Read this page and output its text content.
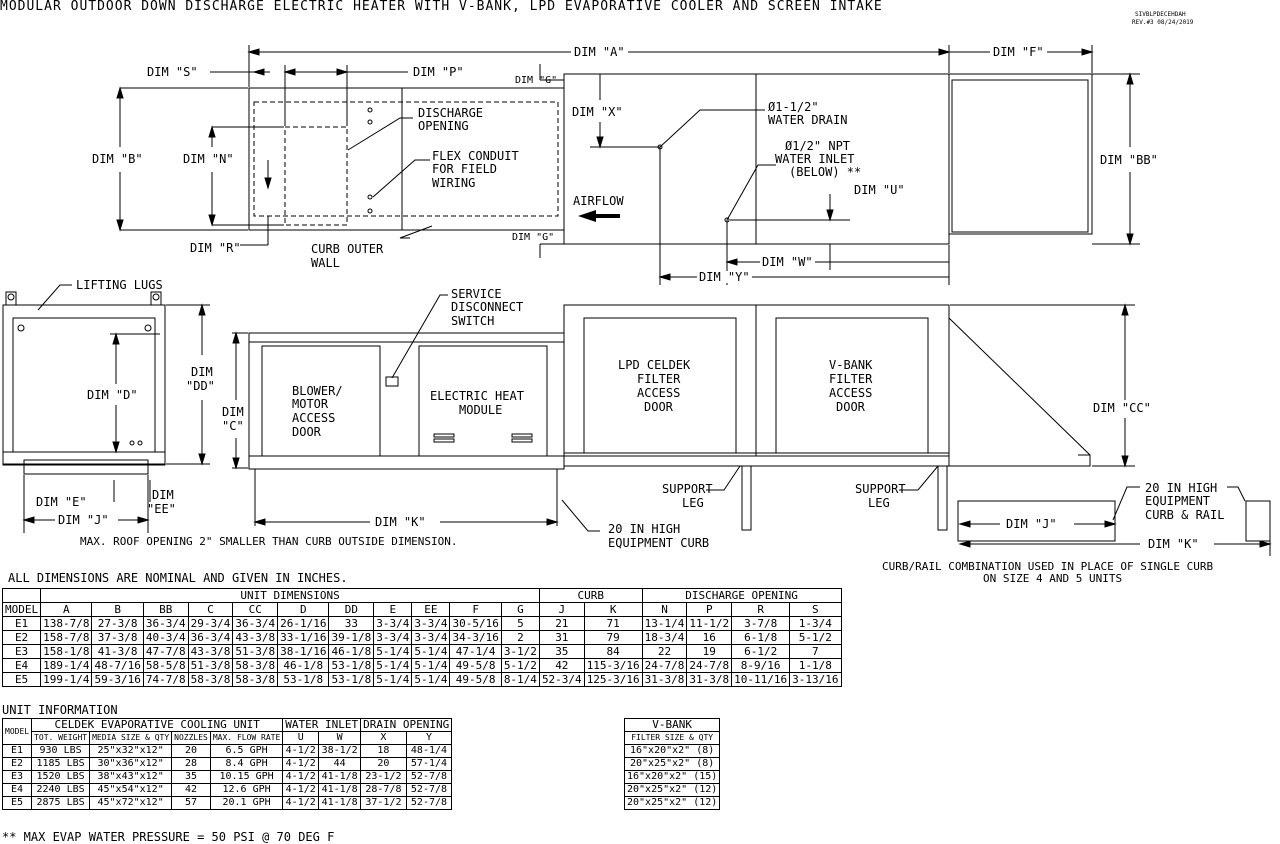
MODULAR OUTDOOR DOWN DISCHARGE ELECTRIC HEATER WITH V-BANK, LPD EVAPORATIVE COOLER AND SCREEN INTAKE
SIVBLPDECEHDAH
REV.#3 08/24/2019
DIM "A"	DIM "F"
DIM "S"	DIM "P"
DIM "G"
DIM "X"
DIM "B"	DIM "N"	DIM "BB"
DIM "R"
DIM "G"
DIM "U"
DIM "W"
DIM "Y"
DISCHARGE
OPENING
FLEX CONDUIT
FOR FIELD
WIRING
CURB OUTER
WALL
Ø1-1/2"
WATER DRAIN
Ø1/2" NPT
WATER INLET
(BELOW) **
AIRFLOW
LIFTING LUGS
DIM "D"
DIM
"DD"
DIM
"C"
DIM "E"	DIM
"EE"
DIM "J"	DIM "K"
DIM "CC"
SERVICE
DISCONNECT
SWITCH
BLOWER/
MOTOR
ACCESS
DOOR
ELECTRIC HEAT
MODULE
LPD CELDEK
FILTER
ACCESS
DOOR
V-BANK
FILTER
ACCESS
DOOR
SUPPORT
LEG
SUPPORT
LEG
MAX. ROOF OPENING 2" SMALLER THAN CURB OUTSIDE DIMENSION.
20 IN HIGH
EQUIPMENT CURB
20 IN HIGH
EQUIPMENT
CURB & RAIL
DIM "J"
DIM "K"
CURB/RAIL COMBINATION USED IN PLACE OF SINGLE CURB
ON SIZE 4 AND 5 UNITS
ALL DIMENSIONS ARE NOMINAL AND GIVEN IN INCHES.
	UNIT DIMENSIONS											CURB		DISCHARGE OPENING			
MODEL	A	B	BB	C	CC	D	DD	E	EE	F	G	J	K	N	P	R	S
E1	138-7/8	27-3/8	36-3/4	29-3/4	36-3/4	26-1/16	33	3-3/4	3-3/4	30-5/16	5	21	71	13-1/4	11-1/2	3-7/8	1-3/4
E2	158-7/8	37-3/8	40-3/4	36-3/4	43-3/8	33-1/16	39-1/8	3-3/4	3-3/4	34-3/16	2	31	79	18-3/4	16	6-1/8	5-1/2
E3	158-1/8	41-3/8	47-7/8	43-3/8	51-3/8	38-1/16	46-1/8	5-1/4	5-1/4	47-1/4	3-1/2	35	84	22	19	6-1/2	7
E4	189-1/4	48-7/16	58-5/8	51-3/8	58-3/8	46-1/8	53-1/8	5-1/4	5-1/4	49-5/8	5-1/2	42	115-3/16	24-7/8	24-7/8	8-9/16	1-1/8
E5	199-1/4	59-3/16	74-7/8	58-3/8	58-3/8	53-1/8	53-1/8	5-1/4	5-1/4	49-5/8	8-1/4	52-3/4	125-3/16	31-3/8	31-3/8	10-11/16	3-13/16
UNIT INFORMATION
MODEL	CELDEK EVAPORATIVE COOLING UNIT				WATER INLET		DRAIN OPENING	
	TOT. WEIGHT	MEDIA SIZE & QTY	NOZZLES	MAX. FLOW RATE	U	W	X	Y
E1	930 LBS	25"x32"x12"	20	6.5 GPH	4-1/2	38-1/2	18	48-1/4
E2	1185 LBS	30"x36"x12"	28	8.4 GPH	4-1/2	44	20	57-1/4
E3	1520 LBS	38"x43"x12"	35	10.15 GPH	4-1/2	41-1/8	23-1/2	52-7/8
E4	2240 LBS	45"x54"x12"	42	12.6 GPH	4-1/2	41-1/8	28-7/8	52-7/8
E5	2875 LBS	45"x72"x12"	57	20.1 GPH	4-1/2	41-1/8	37-1/2	52-7/8
V-BANK
FILTER SIZE & QTY
16"x20"x2" (8)
20"x25"x2" (8)
16"x20"x2" (15)
20"x25"x2" (12)
20"x25"x2" (12)
** MAX EVAP WATER PRESSURE = 50 PSI @ 70 DEG F
